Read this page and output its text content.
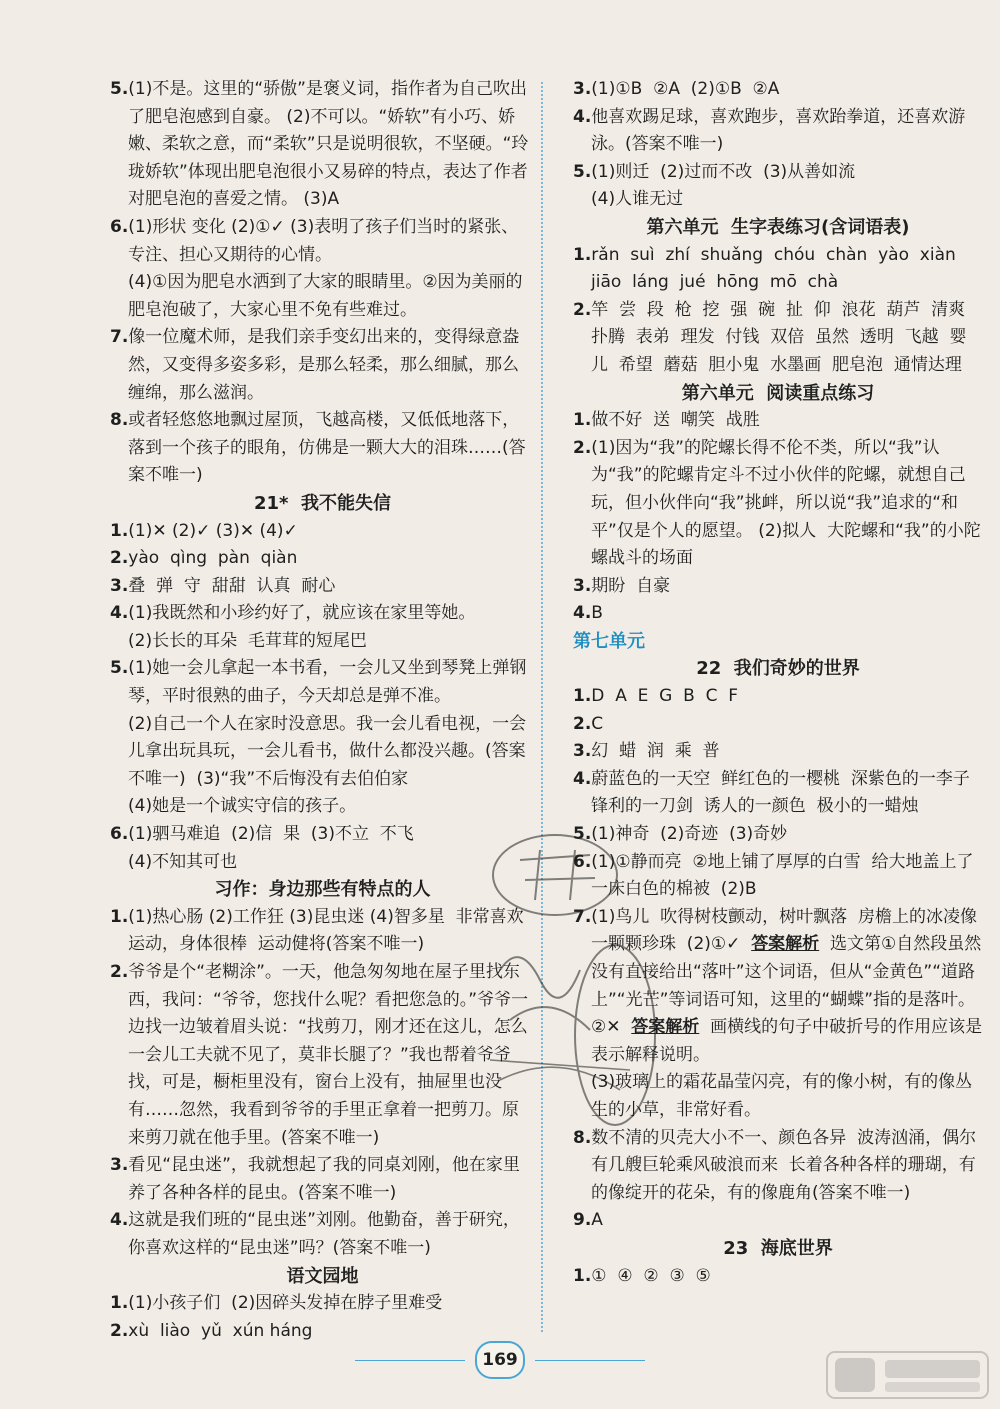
5.(1)不是。这里的“骄傲”是褒义词，指作者为自己吹出了肥皂泡感到自豪。 (2)不可以。“娇软”有小巧、娇嫩、柔软之意，而“柔软”只是说明很软，不坚硬。“玲珑娇软”体现出肥皂泡很小又易碎的特点，表达了作者对肥皂泡的喜爱之情。 (3)A
6.(1)形状 变化 (2)①✓ (3)表明了孩子们当时的紧张、专注、担心又期待的心情。
(4)①因为肥皂水洒到了大家的眼睛里。②因为美丽的肥皂泡破了，大家心里不免有些难过。
7.像一位魔术师，是我们亲手变幻出来的，变得绿意盎然，又变得多姿多彩，是那么轻柔，那么细腻，那么缠绵，那么滋润。
8.或者轻悠悠地飘过屋顶，飞越高楼，又低低地落下，落到一个孩子的眼角，仿佛是一颗大大的泪珠……(答案不唯一)
21*  我不能失信
1.(1)✕ (2)✓ (3)✕ (4)✓
2.yào  qìng  pàn  qiàn
3.叠  弹  守  甜甜  认真  耐心
4.(1)我既然和小珍约好了，就应该在家里等她。
(2)长长的耳朵  毛茸茸的短尾巴
5.(1)她一会儿拿起一本书看，一会儿又坐到琴凳上弹钢琴，平时很熟的曲子，今天却总是弹不准。
(2)自己一个人在家时没意思。我一会儿看电视，一会儿拿出玩具玩，一会儿看书，做什么都没兴趣。(答案不唯一)  (3)“我”不后悔没有去伯伯家
(4)她是一个诚实守信的孩子。
6.(1)驷马难追  (2)信  果  (3)不立  不飞
(4)不知其可也
习作：身边那些有特点的人
1.(1)热心肠 (2)工作狂 (3)昆虫迷 (4)智多星  非常喜欢运动，身体很棒  运动健将(答案不唯一)
2.爷爷是个“老糊涂”。一天，他急匆匆地在屋子里找东西，我问：“爷爷，您找什么呢？看把您急的。”爷爷一边找一边皱着眉头说：“找剪刀，刚才还在这儿，怎么一会儿工夫就不见了，莫非长腿了？”我也帮着爷爷找，可是，橱柜里没有，窗台上没有，抽屉里也没有……忽然，我看到爷爷的手里正拿着一把剪刀。原来剪刀就在他手里。(答案不唯一)
3.看见“昆虫迷”，我就想起了我的同桌刘刚，他在家里养了各种各样的昆虫。(答案不唯一)
4.这就是我们班的“昆虫迷”刘刚。他勤奋，善于研究，你喜欢这样的“昆虫迷”吗？(答案不唯一)
语文园地
1.(1)小孩子们  (2)因碎头发掉在脖子里难受
2.xù  liào  yǔ  xún háng
3.(1)①B  ②A  (2)①B  ②A
4.他喜欢踢足球，喜欢跑步，喜欢跆拳道，还喜欢游泳。(答案不唯一)
5.(1)则迁  (2)过而不改  (3)从善如流
(4)人谁无过
第六单元  生字表练习(含词语表)
1.rǎn  suì  zhí  shuǎng  chóu  chàn  yào  xiàn  jiāo  láng  jué  hōng  mō  chà
2.竿  尝  段  枪  挖  强  碗  扯  仰  浪花  葫芦  清爽  扑腾  表弟  理发  付钱  双倍  虽然  透明  飞越  婴儿  希望  蘑菇  胆小鬼  水墨画  肥皂泡  通情达理
第六单元  阅读重点练习
1.做不好  送  嘲笑  战胜
2.(1)因为“我”的陀螺长得不伦不类，所以“我”认为“我”的陀螺肯定斗不过小伙伴的陀螺，就想自己玩，但小伙伴向“我”挑衅，所以说“我”追求的“和平”仅是个人的愿望。 (2)拟人  大陀螺和“我”的小陀螺战斗的场面
3.期盼  自豪
4.B
第七单元
22  我们奇妙的世界
1.D  A  E  G  B  C  F
2.C
3.幻  蜡  润  乘  普
4.蔚蓝色的一天空  鲜红色的一樱桃  深紫色的一李子  锋利的一刀剑  诱人的一颜色  极小的一蜡烛
5.(1)神奇  (2)奇迹  (3)奇妙
6.(1)①静而亮  ②地上铺了厚厚的白雪  给大地盖上了一床白色的棉被  (2)B
7.(1)鸟儿  吹得树枝颤动，树叶飘落  房檐上的冰凌像一颗颗珍珠  (2)①✓  答案解析  选文第①自然段虽然没有直接给出“落叶”这个词语，但从“金黄色”“道路上”“光芒”等词语可知，这里的“蝴蝶”指的是落叶。  ②✕  答案解析  画横线的句子中破折号的作用应该是表示解释说明。
(3)玻璃上的霜花晶莹闪亮，有的像小树，有的像丛生的小草，非常好看。
8.数不清的贝壳大小不一、颜色各异  波涛汹涌，偶尔有几艘巨轮乘风破浪而来  长着各种各样的珊瑚，有的像绽开的花朵，有的像鹿角(答案不唯一)
9.A
23  海底世界
1.①  ④  ②  ③  ⑤
169
